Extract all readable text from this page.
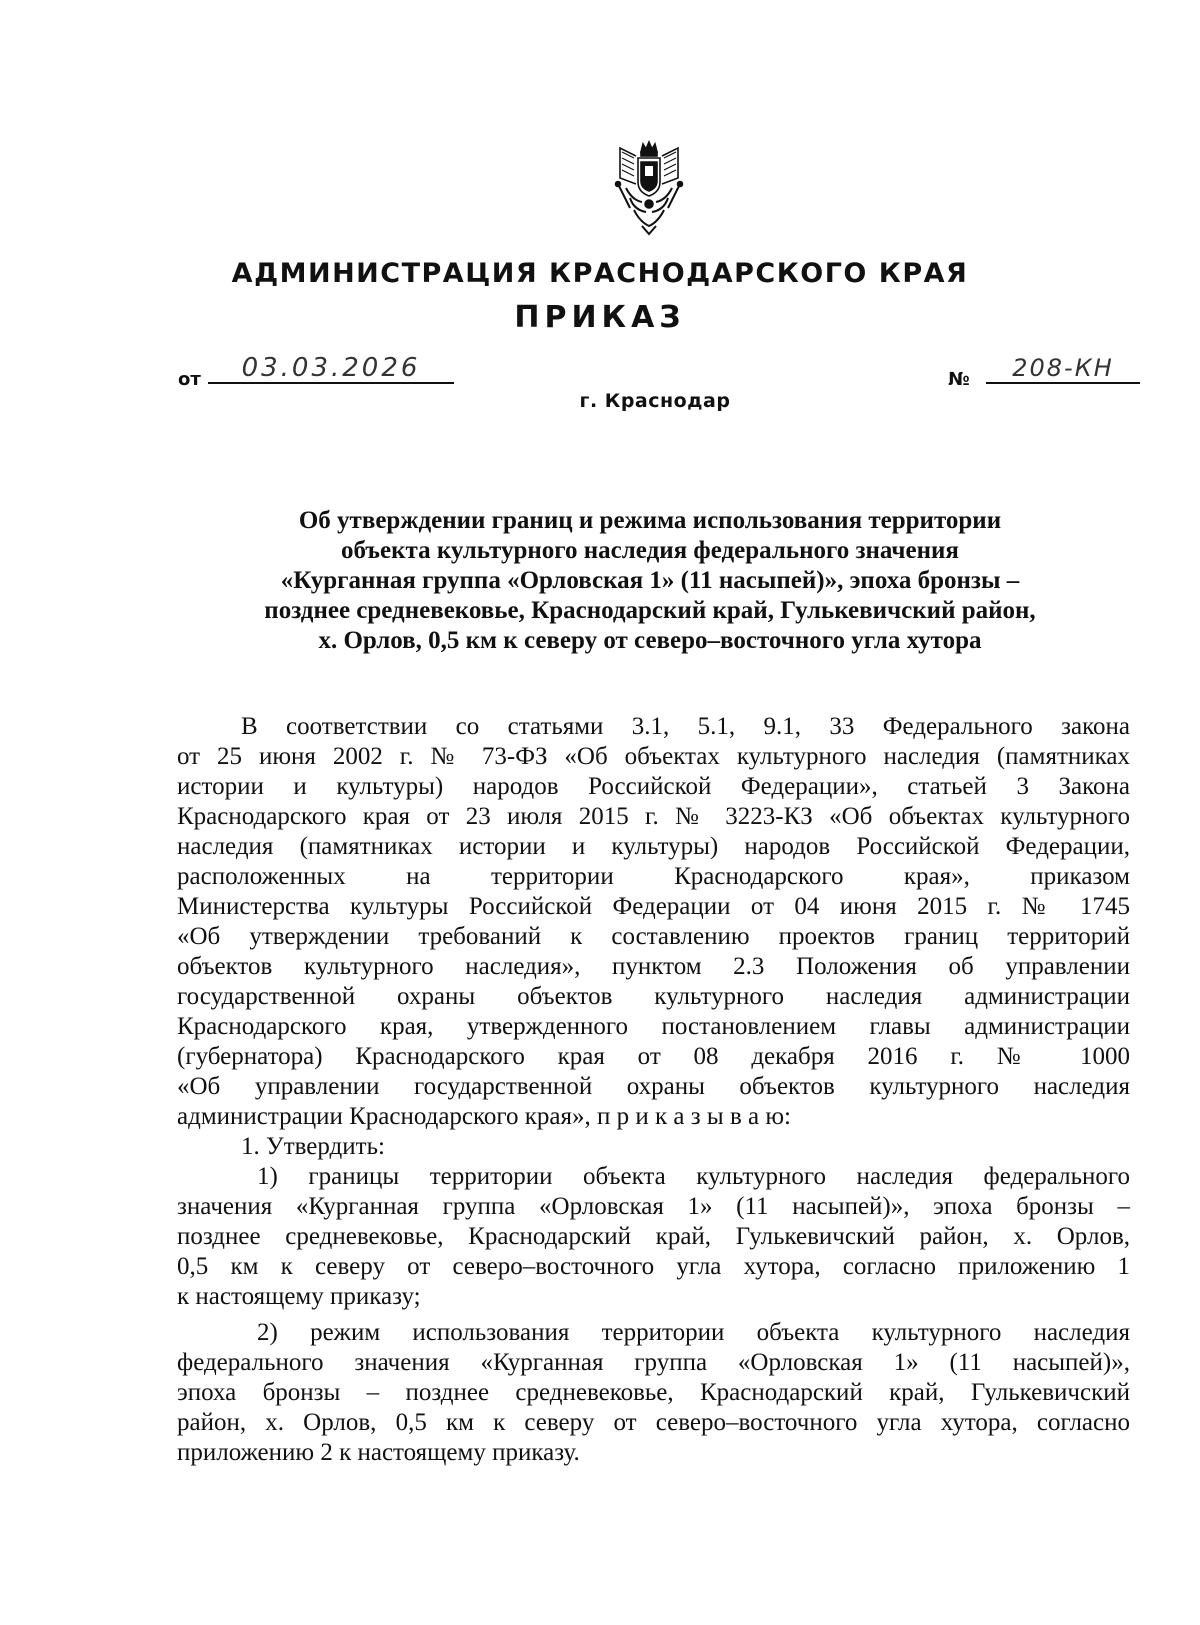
АДМИНИСТРАЦИЯ КРАСНОДАРСКОГО КРАЯ
ПРИКАЗ
от	03.03.2026	№	208-КН
г. Краснодар
Об утверждении границ и режима использования территории
объекта культурного наследия федерального значения
«Курганная группа «Орловская 1» (11 насыпей)», эпоха бронзы –
позднее средневековье, Краснодарский край, Гулькевичский район,
х. Орлов, 0,5 км к северу от северо–восточного угла хутора
В соответствии со статьями 3.1, 5.1, 9.1, 33 Федерального закона
от 25 июня 2002 г. № 73-ФЗ «Об объектах культурного наследия (памятниках
истории и культуры) народов Российской Федерации», статьей 3 Закона
Краснодарского края от 23 июля 2015 г. № 3223-КЗ «Об объектах культурного
наследия (памятниках истории и культуры) народов Российской Федерации,
расположенных на территории Краснодарского края», приказом
Министерства культуры Российской Федерации от 04 июня 2015 г. № 1745
«Об утверждении требований к составлению проектов границ территорий
объектов культурного наследия», пунктом 2.3 Положения об управлении
государственной охраны объектов культурного наследия администрации
Краснодарского края, утвержденного постановлением главы администрации
(губернатора) Краснодарского края от 08 декабря 2016 г. № 1000
«Об управлении государственной охраны объектов культурного наследия
администрации Краснодарского края», п р и к а з ы в а ю:
1. Утвердить:
1) границы территории объекта культурного наследия федерального
значения «Курганная группа «Орловская 1» (11 насыпей)», эпоха бронзы –
позднее средневековье, Краснодарский край, Гулькевичский район, х. Орлов,
0,5 км к северу от северо–восточного угла хутора, согласно приложению 1
к настоящему приказу;
2) режим использования территории объекта культурного наследия
федерального значения «Курганная группа «Орловская 1» (11 насыпей)»,
эпоха бронзы – позднее средневековье, Краснодарский край, Гулькевичский
район, х. Орлов, 0,5 км к северу от северо–восточного угла хутора, согласно
приложению 2 к настоящему приказу.
